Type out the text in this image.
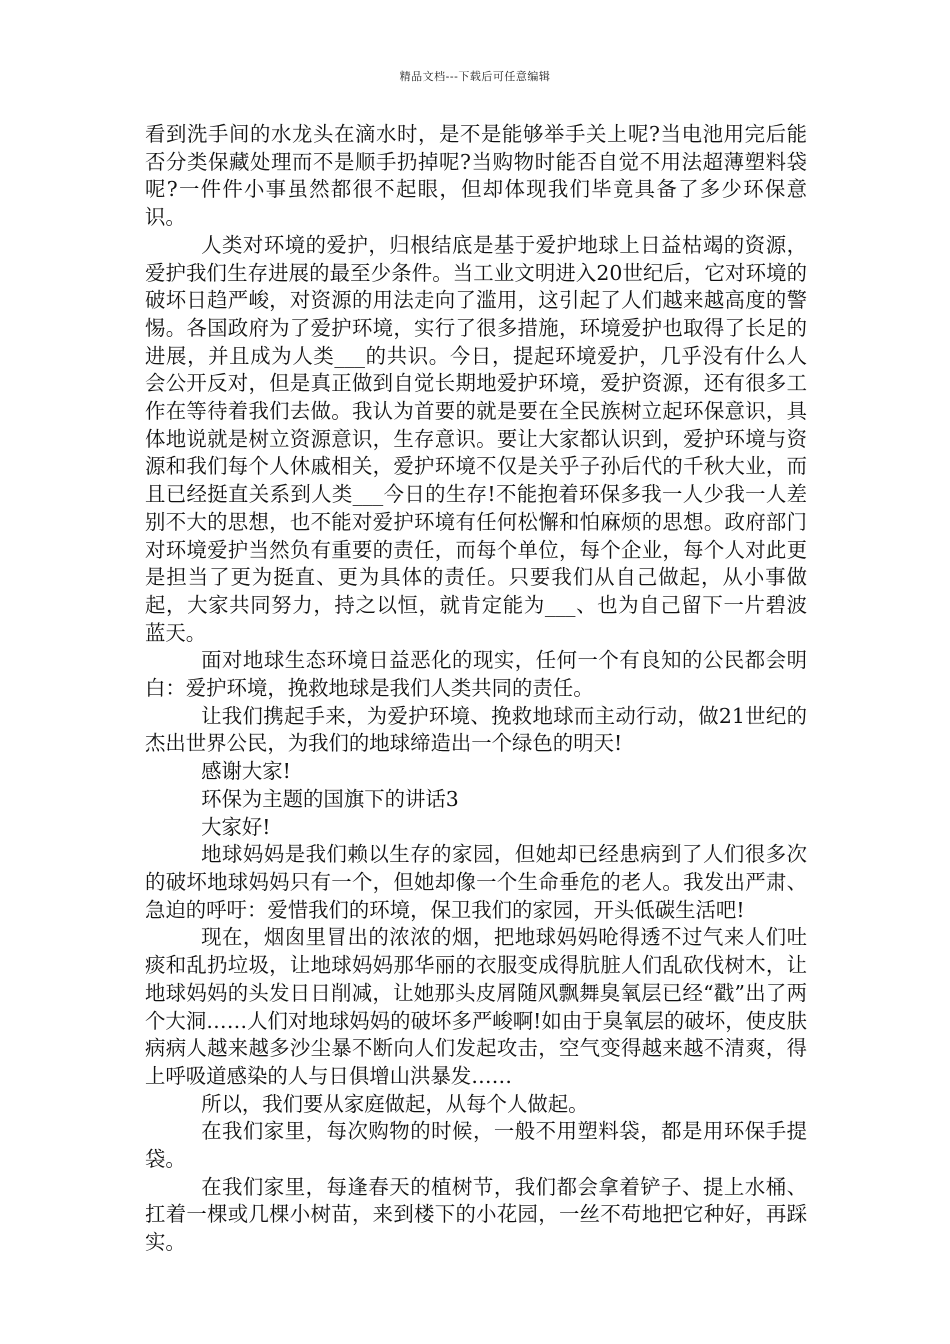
精品文档---下载后可任意编辑

看到洗手间的水龙头在滴水时，是不是能够举手关上呢?当电池用完后能否分类保藏处理而不是顺手扔掉呢?当购物时能否自觉不用法超薄塑料袋呢?一件件小事虽然都很不起眼，但却体现我们毕竟具备了多少环保意识。

人类对环境的爱护，归根结底是基于爱护地球上日益枯竭的资源，爱护我们生存进展的最至少条件。当工业文明进入20世纪后，它对环境的破坏日趋严峻，对资源的用法走向了滥用，这引起了人们越来越高度的警惕。各国政府为了爱护环境，实行了很多措施，环境爱护也取得了长足的进展，并且成为人类___的共识。今日，提起环境爱护，几乎没有什么人会公开反对，但是真正做到自觉长期地爱护环境，爱护资源，还有很多工作在等待着我们去做。我认为首要的就是要在全民族树立起环保意识，具体地说就是树立资源意识，生存意识。要让大家都认识到，爱护环境与资源和我们每个人休戚相关，爱护环境不仅是关乎子孙后代的千秋大业，而且已经挺直关系到人类___今日的生存!不能抱着环保多我一人少我一人差别不大的思想，也不能对爱护环境有任何松懈和怕麻烦的思想。政府部门对环境爱护当然负有重要的责任，而每个单位，每个企业，每个人对此更是担当了更为挺直、更为具体的责任。只要我们从自己做起，从小事做起，大家共同努力，持之以恒，就肯定能为___、也为自己留下一片碧波蓝天。

面对地球生态环境日益恶化的现实，任何一个有良知的公民都会明白：爱护环境，挽救地球是我们人类共同的责任。

让我们携起手来，为爱护环境、挽救地球而主动行动，做21世纪的杰出世界公民，为我们的地球缔造出一个绿色的明天!

感谢大家!

环保为主题的国旗下的讲话3

大家好!

地球妈妈是我们赖以生存的家园，但她却已经患病到了人们很多次的破坏地球妈妈只有一个，但她却像一个生命垂危的老人。我发出严肃、急迫的呼吁：爱惜我们的环境，保卫我们的家园，开头低碳生活吧!

现在，烟囱里冒出的浓浓的烟，把地球妈妈呛得透不过气来人们吐痰和乱扔垃圾，让地球妈妈那华丽的衣服变成得肮脏人们乱砍伐树木，让地球妈妈的头发日日削减，让她那头皮屑随风飘舞臭氧层已经“戳”出了两个大洞……人们对地球妈妈的破坏多严峻啊!如由于臭氧层的破坏，使皮肤病病人越来越多沙尘暴不断向人们发起攻击，空气变得越来越不清爽，得上呼吸道感染的人与日俱增山洪暴发……

所以，我们要从家庭做起，从每个人做起。

在我们家里，每次购物的时候，一般不用塑料袋，都是用环保手提袋。

在我们家里，每逢春天的植树节，我们都会拿着铲子、提上水桶、扛着一棵或几棵小树苗，来到楼下的小花园，一丝不苟地把它种好，再踩实。
